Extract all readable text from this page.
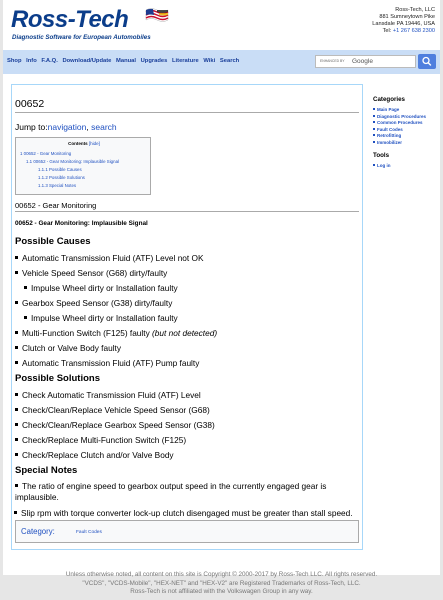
Ross-Tech
Diagnostic Software for European Automobiles
Ross-Tech, LLC
881 Sumneytown Pike
Lansdale PA 19446, USA
Tel: +1 267 638 2300
Shop Info F.A.Q. Download/Update Manual Upgrades Literature Wiki Search	ENHANCED BY Google
00652
Jump to:navigation, search
Contents [hide]
1 00652 - Gear Monitoring
1.1 00652 - Gear Monitoring: Implausible Signal
1.1.1 Possible Causes
1.1.2 Possible Solutions
1.1.3 Special Notes
00652 - Gear Monitoring
00652 - Gear Monitoring: Implausible Signal
Possible Causes
Automatic Transmission Fluid (ATF) Level not OK
Vehicle Speed Sensor (G68) dirty/faulty
Impulse Wheel dirty or Installation faulty
Gearbox Speed Sensor (G38) dirty/faulty
Impulse Wheel dirty or Installation faulty
Multi-Function Switch (F125) faulty (but not detected)
Clutch or Valve Body faulty
Automatic Transmission Fluid (ATF) Pump faulty
Possible Solutions
Check Automatic Transmission Fluid (ATF) Level
Check/Clean/Replace Vehicle Speed Sensor (G68)
Check/Clean/Replace Gearbox Speed Sensor (G38)
Check/Replace Multi-Function Switch (F125)
Check/Replace Clutch and/or Valve Body
Special Notes
The ratio of engine speed to gearbox output speed in the currently engaged gear is implausible.
Category:	Fault Codes
Slip rpm with torque converter lock-up clutch disengaged must be greater than stall speed.
Categories
Main Page
Diagnostic Procedures
Common Procedures
Fault Codes
Retrofitting
Immobilizer
Tools
Log in
Unless otherwise noted, all content on this site is Copyright © 2000-2017 by Ross-Tech LLC. All rights reserved.
"VCDS", "VCDS-Mobile", "HEX-NET" and "HEX-V2" are Registered Trademarks of Ross-Tech, LLC.
Ross-Tech is not affiliated with the Volkswagen Group in any way.
